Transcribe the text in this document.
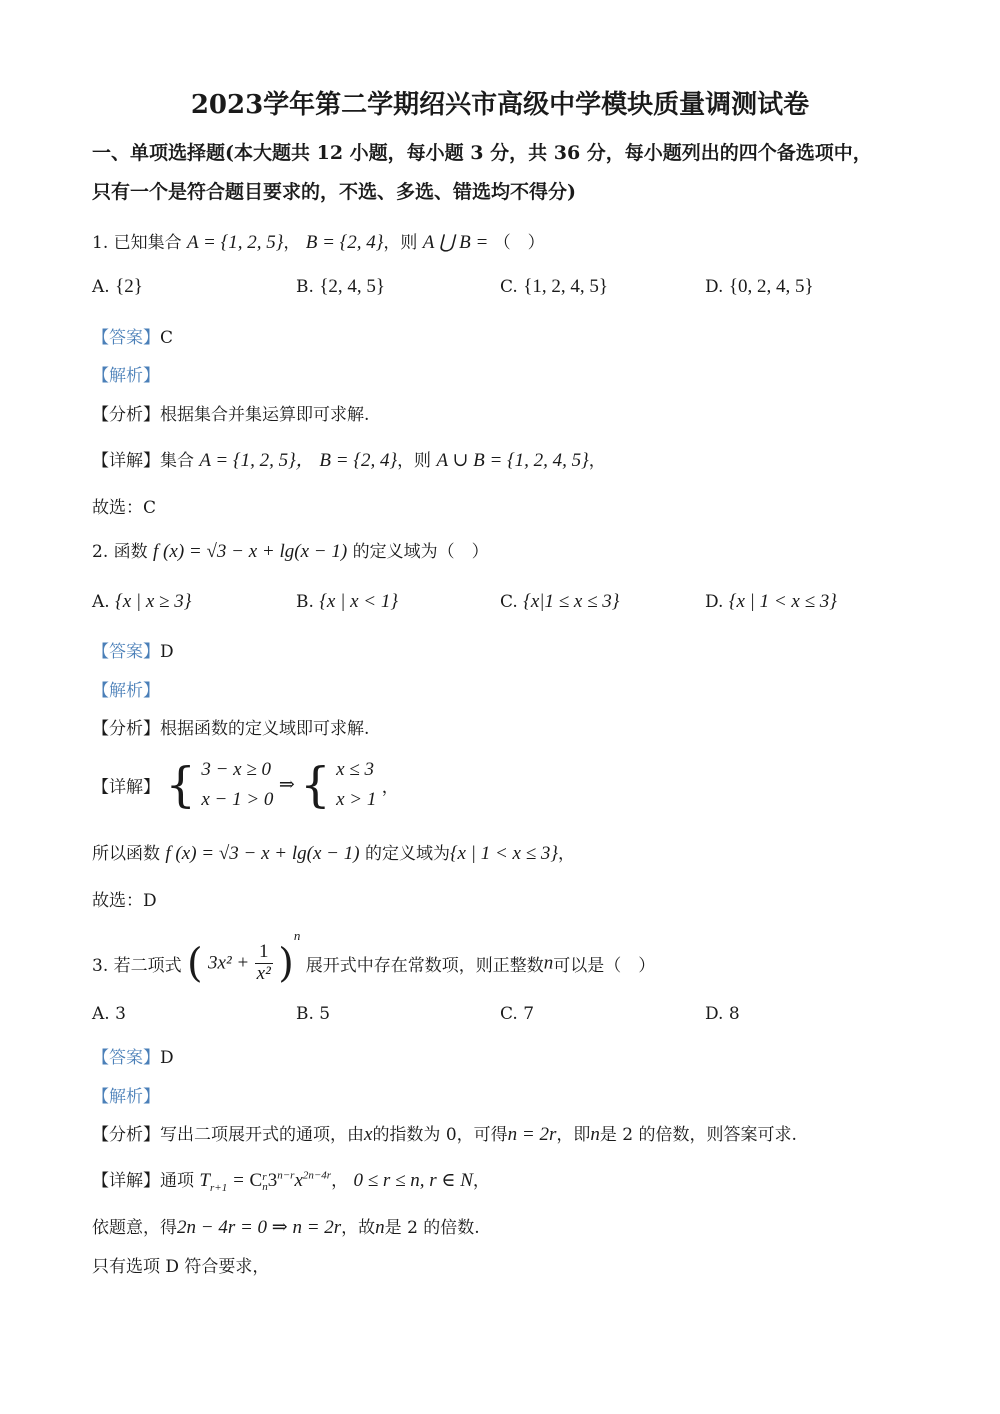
2023学年第二学期绍兴市高级中学模块质量调测试卷
一、单项选择题(本大题共 12 小题，每小题 3 分，共 36 分，每小题列出的四个备选项中，
只有一个是符合题目要求的，不选、多选、错选均不得分)
1. 已知集合 A = {1, 2, 5}， B = {2, 4}，则 A ⋃ B = （　）
A. {2}	B. {2, 4, 5}	C. {1, 2, 4, 5}	D. {0, 2, 4, 5}
【答案】C
【解析】
【分析】根据集合并集运算即可求解.
【详解】集合 A = {1, 2, 5}， B = {2, 4}，则 A ∪ B = {1, 2, 4, 5}，
故选：C
2. 函数 f (x) = √3 − x + lg(x − 1) 的定义域为（　）
A. {x | x ≥ 3}	B. {x | x < 1}	C. {x|1 ≤ x ≤ 3}	D. {x | 1 < x ≤ 3}
【答案】D
【解析】
【分析】根据函数的定义域即可求解.
【详解】 { 3 − x ≥ 0
x − 1 > 0
⇒ { x ≤ 3
x > 1
，
所以函数 f (x) = √3 − x + lg(x − 1) 的定义域为{x | 1 < x ≤ 3}，
故选：D
3. 若二项式 ( $3x^2 + \frac{1}{\text{x²}} )^n$ 展开式中存在常数项，则正整数n可以是（　）
A. 3	B. 5	C. 7	D. 8
【答案】D
【解析】
【分析】写出二项展开式的通项，由x的指数为 0，可得n = 2r，即n是 2 的倍数，则答案可求.
【详解】通项 $T_{r+1} = C$ r
n $3^{n-r}x^{2n-4r}$， 0 ≤ r ≤ n, r ∈ N，
依题意，得2n − 4r = 0 ⇒ n = 2r，故n是 2 的倍数.
只有选项 D 符合要求，
